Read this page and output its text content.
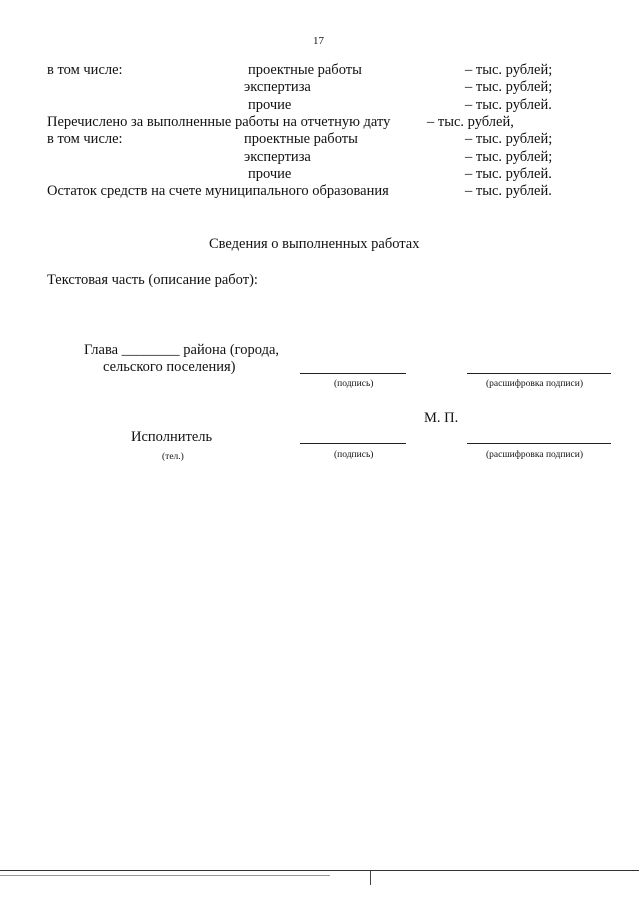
17
в том числе:	проектные работы	– тыс. рублей;
экспертиза	– тыс. рублей;
прочие	– тыс. рублей.
Перечислено за выполненные работы на отчетную дату	– тыс. рублей,
в том числе:	проектные работы	– тыс. рублей;
экспертиза	– тыс. рублей;
прочие	– тыс. рублей.
Остаток средств на счете муниципального образования	– тыс. рублей.
Сведения о выполненных работах
Текстовая часть (описание работ):
Глава ________ района (города,
сельского поселения)
(подпись)	(расшифровка подписи)
М. П.
Исполнитель
(тел.)	(подпись)	(расшифровка подписи)
